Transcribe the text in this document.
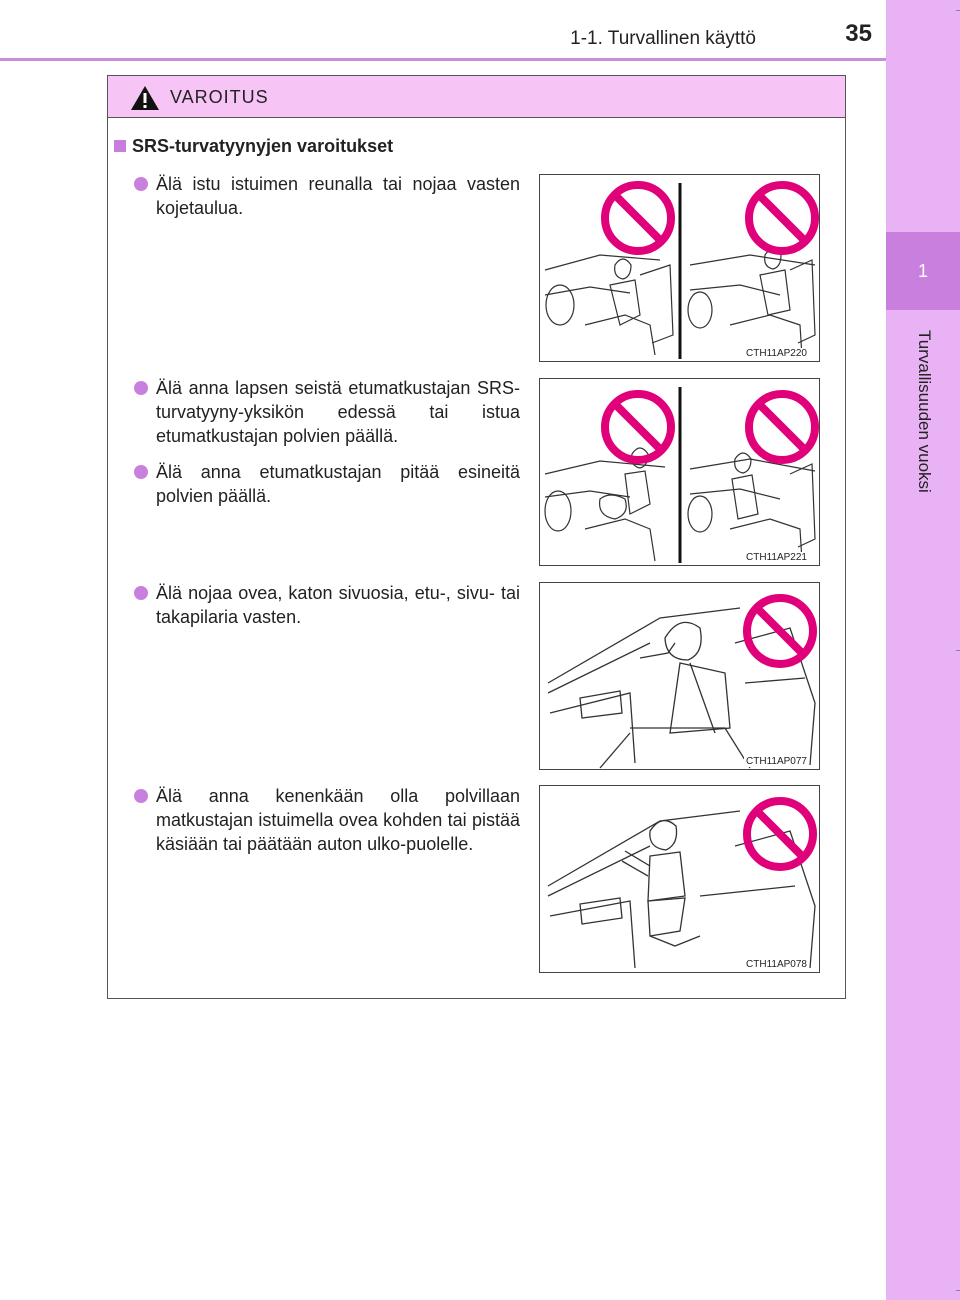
1-1. Turvallinen käyttö	35
1
Turvallisuuden vuoksi
VAROITUS
SRS-turvatyynyjen varoitukset
Älä istu istuimen reunalla tai nojaa vasten kojetaulua.
Älä anna lapsen seistä etumatkustajan SRS-turvatyyny-yksikön edessä tai istua etumatkustajan polvien päällä.
Älä anna etumatkustajan pitää esineitä polvien päällä.
Älä nojaa ovea, katon sivuosia, etu-, sivu- tai takapilaria vasten.
Älä anna kenenkään olla polvillaan matkustajan istuimella ovea kohden tai pistää käsiään tai päätään auton ulko-puolelle.
CTH11AP220
CTH11AP221
CTH11AP077
CTH11AP078
